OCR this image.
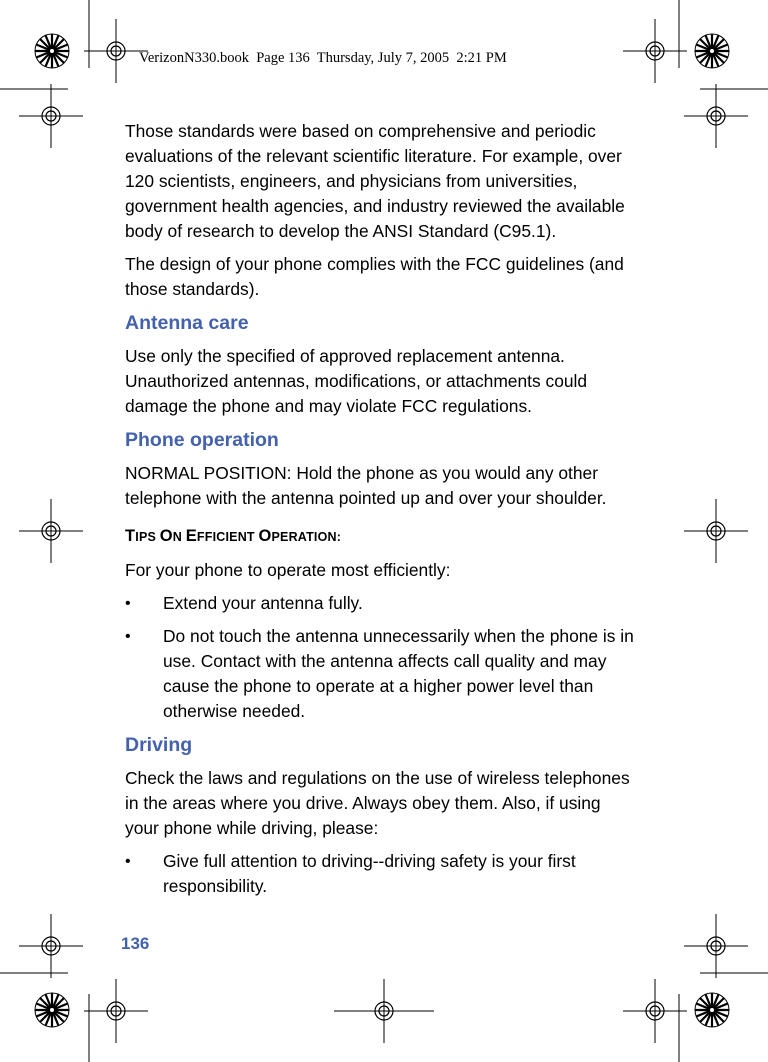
VerizonN330.book  Page 136  Thursday, July 7, 2005  2:21 PM

Those standards were based on comprehensive and periodic evaluations of the relevant scientific literature. For example, over 120 scientists, engineers, and physicians from universities, government health agencies, and industry reviewed the available body of research to develop the ANSI Standard (C95.1).

The design of your phone complies with the FCC guidelines (and those standards).

Antenna care

Use only the specified of approved replacement antenna. Unauthorized antennas, modifications, or attachments could damage the phone and may violate FCC regulations.

Phone operation

NORMAL POSITION: Hold the phone as you would any other telephone with the antenna pointed up and over your shoulder.

TIPS ON EFFICIENT OPERATION:

For your phone to operate most efficiently:

•	Extend your antenna fully.
•	Do not touch the antenna unnecessarily when the phone is in use. Contact with the antenna affects call quality and may cause the phone to operate at a higher power level than otherwise needed.
Driving

Check the laws and regulations on the use of wireless telephones in the areas where you drive. Always obey them. Also, if using your phone while driving, please:

•	Give full attention to driving--driving safety is your first responsibility.
136
